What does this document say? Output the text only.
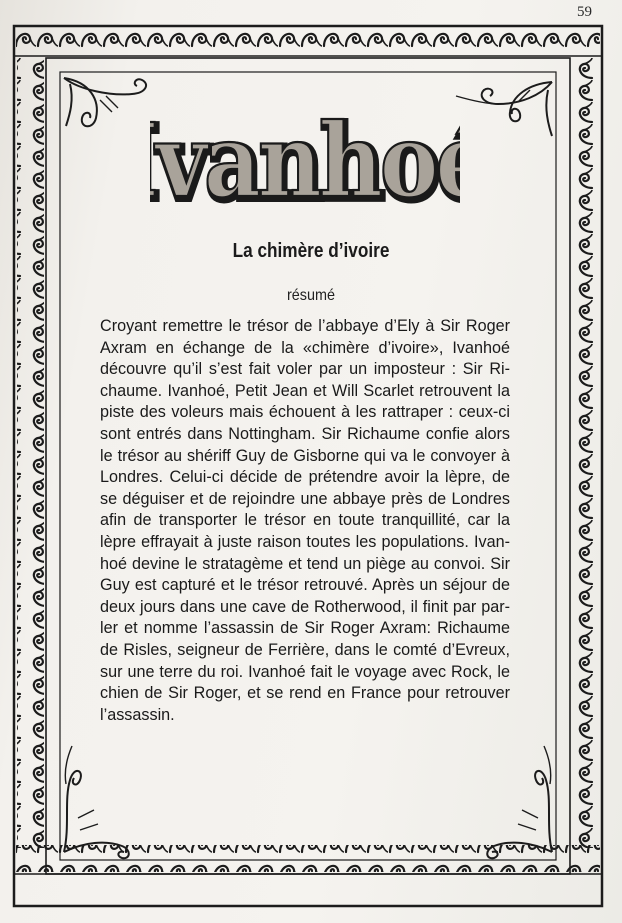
59
vanho
vanho
La chimère d’ivoire
résumé
Croyant remettre le trésor de l’abbaye d’Ely à Sir Roger
Axram en échange de la «chimère d’ivoire», Ivanhoé
découvre qu’il s’est fait voler par un imposteur : Sir Ri-
chaume. Ivanhoé, Petit Jean et Will Scarlet retrouvent la
piste des voleurs mais échouent à les rattraper : ceux-ci
sont entrés dans Nottingham. Sir Richaume confie alors
le trésor au shériff Guy de Gisborne qui va le convoyer à
Londres. Celui-ci décide de prétendre avoir la lèpre, de
se déguiser et de rejoindre une abbaye près de Londres
afin de transporter le trésor en toute tranquillité, car la
lèpre effrayait à juste raison toutes les populations. Ivan-
hoé devine le stratagème et tend un piège au convoi. Sir
Guy est capturé et le trésor retrouvé. Après un séjour de
deux jours dans une cave de Rotherwood, il finit par par-
ler et nomme l’assassin de Sir Roger Axram: Richaume
de Risles, seigneur de Ferrière, dans le comté d’Evreux,
sur une terre du roi. Ivanhoé fait le voyage avec Rock, le
chien de Sir Roger, et se rend en France pour retrouver
l’assassin.
